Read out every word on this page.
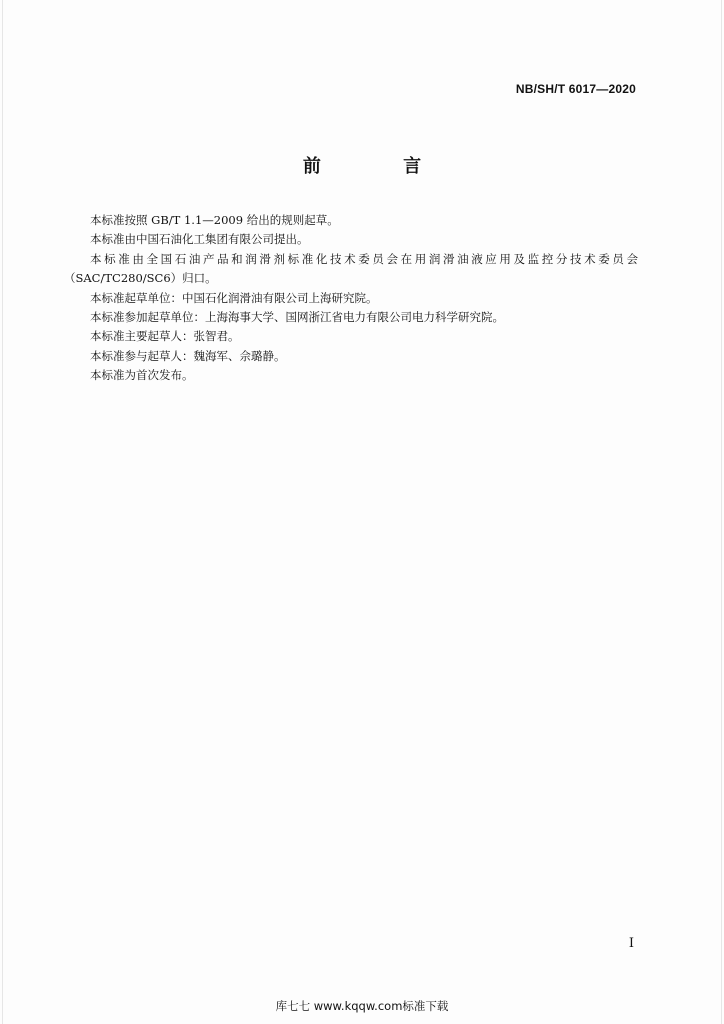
NB/SH/T 6017—2020
前 言

本标准按照 GB/T 1.1—2009 给出的规则起草。

本标准由中国石油化工集团有限公司提出。

本标准由全国石油产品和润滑剂标准化技术委员会在用润滑油液应用及监控分技术委员会（SAC/TC280/SC6）归口。

本标准起草单位：中国石化润滑油有限公司上海研究院。

本标准参加起草单位：上海海事大学、国网浙江省电力有限公司电力科学研究院。

本标准主要起草人：张智君。

本标准参与起草人：魏海军、佘璐静。

本标准为首次发布。

I
库七七 www.kqqw.com标准下载
